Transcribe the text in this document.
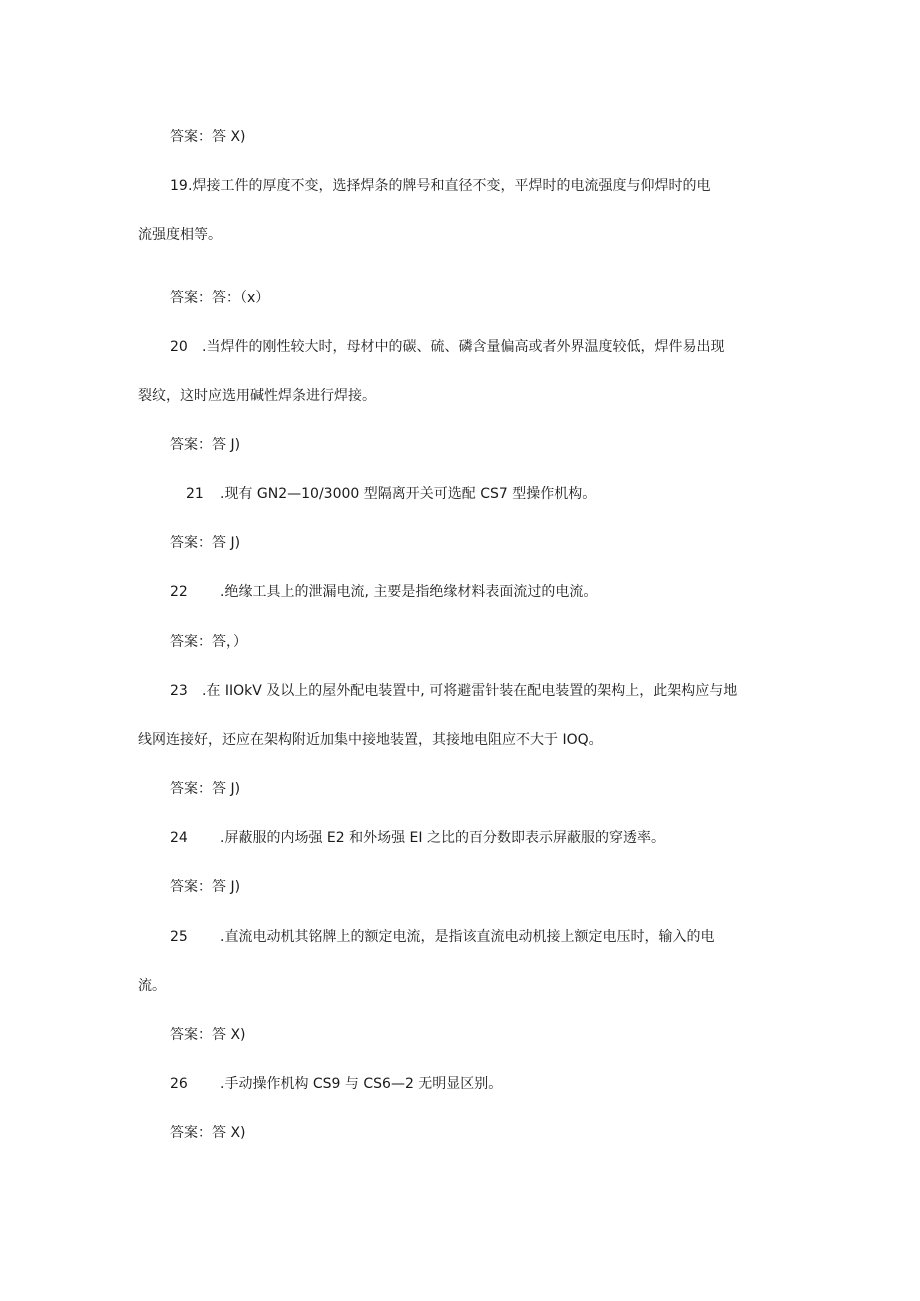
答案：答 X)
19 .焊接工件的厚度不变，选择焊条的牌号和直径不变，平焊时的电流强度与仰焊时的电
流强度相等。
答案：答：（x）
20 .当焊件的刚性较大时，母材中的碳、硫、磷含量偏高或者外界温度较低，焊件易出现
裂纹，这时应选用碱性焊条进行焊接。
答案：答 J)
21 .现有 GN2—10/3000 型隔离开关可选配 CS7 型操作机构。
答案：答 J)
22 .绝缘工具上的泄漏电流, 主要是指绝缘材料表面流过的电流。
答案：答，）
23 .在 IIOkV 及以上的屋外配电装置中, 可将避雷针装在配电装置的架构上，此架构应与地
线网连接好，还应在架构附近加集中接地装置，其接地电阻应不大于 IOQ。
答案：答 J)
24 .屏蔽服的内场强 E2 和外场强 EI 之比的百分数即表示屏蔽服的穿透率。
答案：答 J)
25 .直流电动机其铭牌上的额定电流，是指该直流电动机接上额定电压时，输入的电
流。
答案：答 X)
26 .手动操作机构 CS9 与 CS6—2 无明显区别。
答案：答 X)
